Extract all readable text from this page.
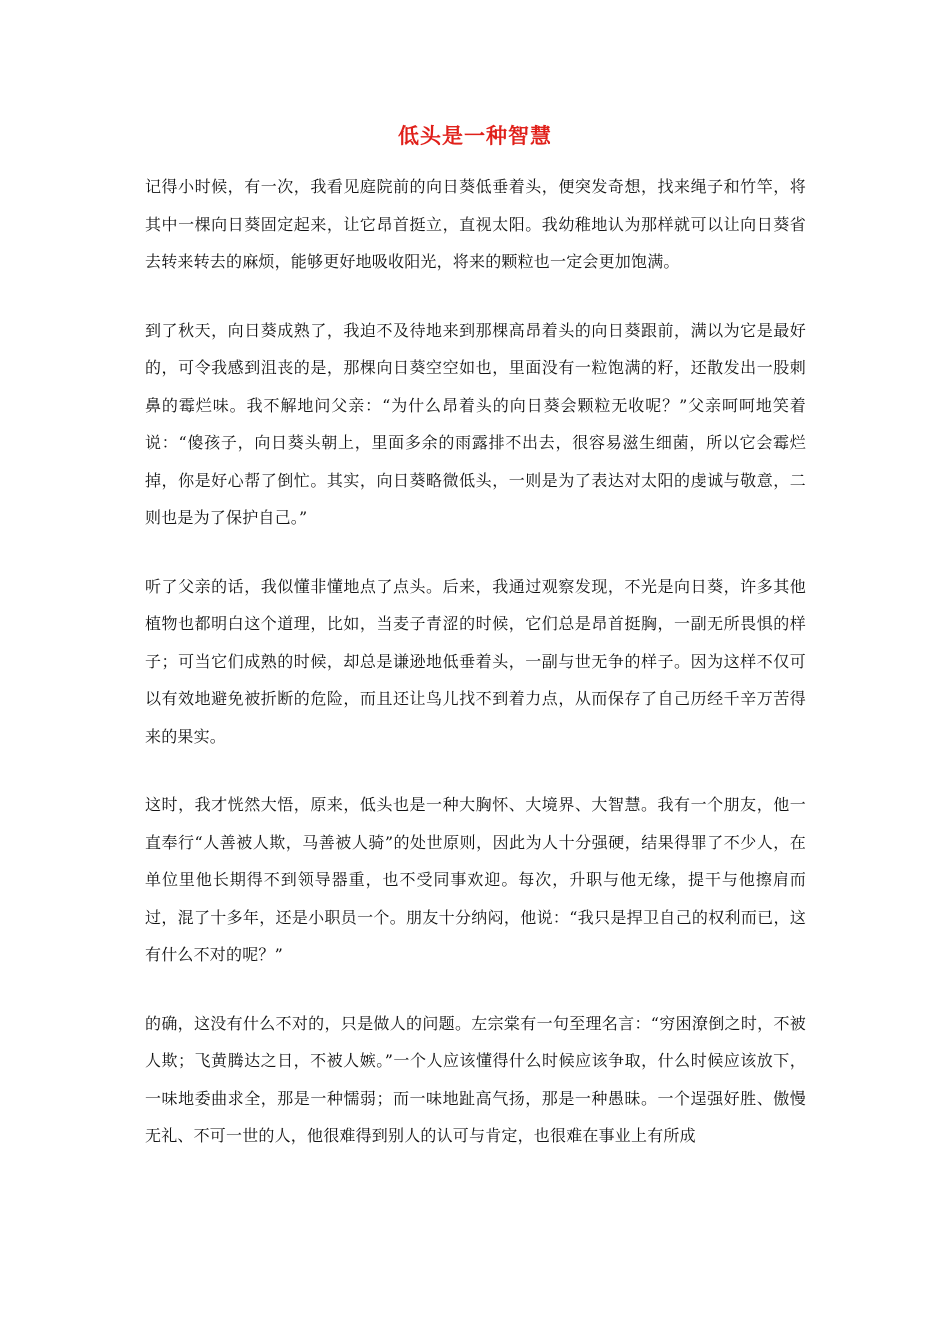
低头是一种智慧

记得小时候，有一次，我看见庭院前的向日葵低垂着头，便突发奇想，找来绳子和竹竿，将其中一棵向日葵固定起来，让它昂首挺立，直视太阳。我幼稚地认为那样就可以让向日葵省去转来转去的麻烦，能够更好地吸收阳光，将来的颗粒也一定会更加饱满。

到了秋天，向日葵成熟了，我迫不及待地来到那棵高昂着头的向日葵跟前，满以为它是最好的，可令我感到沮丧的是，那棵向日葵空空如也，里面没有一粒饱满的籽，还散发出一股刺鼻的霉烂味。我不解地问父亲：“为什么昂着头的向日葵会颗粒无收呢？”父亲呵呵地笑着说：“傻孩子，向日葵头朝上，里面多余的雨露排不出去，很容易滋生细菌，所以它会霉烂掉，你是好心帮了倒忙。其实，向日葵略微低头，一则是为了表达对太阳的虔诚与敬意，二则也是为了保护自己。”

听了父亲的话，我似懂非懂地点了点头。后来，我通过观察发现，不光是向日葵，许多其他植物也都明白这个道理，比如，当麦子青涩的时候，它们总是昂首挺胸，一副无所畏惧的样子；可当它们成熟的时候，却总是谦逊地低垂着头，一副与世无争的样子。因为这样不仅可以有效地避免被折断的危险，而且还让鸟儿找不到着力点，从而保存了自己历经千辛万苦得来的果实。

这时，我才恍然大悟，原来，低头也是一种大胸怀、大境界、大智慧。我有一个朋友，他一直奉行“人善被人欺，马善被人骑”的处世原则，因此为人十分强硬，结果得罪了不少人，在单位里他长期得不到领导器重，也不受同事欢迎。每次，升职与他无缘，提干与他擦肩而过，混了十多年，还是小职员一个。朋友十分纳闷，他说：“我只是捍卫自己的权利而已，这有什么不对的呢？”

的确，这没有什么不对的，只是做人的问题。左宗棠有一句至理名言：“穷困潦倒之时，不被人欺；飞黄腾达之日，不被人嫉。”一个人应该懂得什么时候应该争取，什么时候应该放下，一味地委曲求全，那是一种懦弱；而一味地趾高气扬，那是一种愚昧。一个逞强好胜、傲慢无礼、不可一世的人，他很难得到别人的认可与肯定，也很难在事业上有所成
